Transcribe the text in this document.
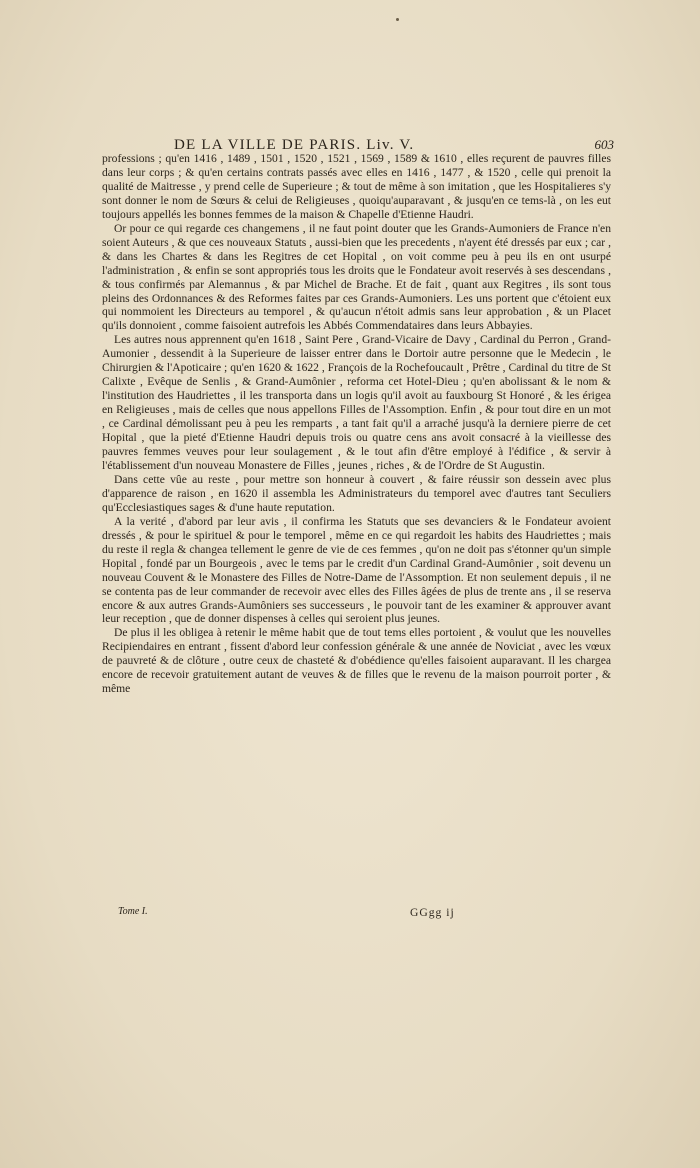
DE LA VILLE DE PARIS. Liv. V.	603

professions ; qu'en 1416 , 1489 , 1501 , 1520 , 1521 , 1569 , 1589 & 1610 , elles reçurent de pauvres filles dans leur corps ; & qu'en certains contrats passés avec elles en 1416 , 1477 , & 1520 , celle qui prenoit la qualité de Maitresse , y prend celle de Superieure ; & tout de même à son imitation , que les Hospitalieres s'y sont donner le nom de Sœurs & celui de Religieuses , quoiqu'auparavant , & jusqu'en ce tems-là , on les eut toujours appellés les bonnes femmes de la maison & Chapelle d'Etienne Haudri.

Or pour ce qui regarde ces changemens , il ne faut point douter que les Grands-Aumoniers de France n'en soient Auteurs , & que ces nouveaux Statuts , aussi-bien que les precedents , n'ayent été dressés par eux ; car , & dans les Chartes & dans les Regitres de cet Hopital , on voit comme peu à peu ils en ont usurpé l'administration , & enfin se sont appropriés tous les droits que le Fondateur avoit reservés à ses descendans , & tous confirmés par Alemannus , & par Michel de Brache. Et de fait , quant aux Regitres , ils sont tous pleins des Ordonnances & des Reformes faites par ces Grands-Aumoniers. Les uns portent que c'étoient eux qui nommoient les Directeurs au temporel , & qu'aucun n'étoit admis sans leur approbation , & un Placet qu'ils donnoient , comme faisoient autrefois les Abbés Commendataires dans leurs Abbayies.

Les autres nous apprennent qu'en 1618 , Saint Pere , Grand-Vicaire de Davy , Cardinal du Perron , Grand-Aumonier , dessendit à la Superieure de laisser entrer dans le Dortoir autre personne que le Medecin , le Chirurgien & l'Apoticaire ; qu'en 1620 & 1622 , François de la Rochefoucault , Prêtre , Cardinal du titre de St Calixte , Evêque de Senlis , & Grand-Aumônier , reforma cet Hotel-Dieu ; qu'en abolissant & le nom & l'institution des Haudriettes , il les transporta dans un logis qu'il avoit au fauxbourg St Honoré , & les érigea en Religieuses , mais de celles que nous appellons Filles de l'Assomption. Enfin , & pour tout dire en un mot , ce Cardinal démolissant peu à peu les remparts , a tant fait qu'il a arraché jusqu'à la derniere pierre de cet Hopital , que la pieté d'Etienne Haudri depuis trois ou quatre cens ans avoit consacré à la vieillesse des pauvres femmes veuves pour leur soulagement , & le tout afin d'être employé à l'édifice , & servir à l'établissement d'un nouveau Monastere de Filles , jeunes , riches , & de l'Ordre de St Augustin.

Dans cette vûe au reste , pour mettre son honneur à couvert , & faire réussir son dessein avec plus d'apparence de raison , en 1620 il assembla les Administrateurs du temporel avec d'autres tant Seculiers qu'Ecclesiastiques sages & d'une haute reputation.

A la verité , d'abord par leur avis , il confirma les Statuts que ses devanciers & le Fondateur avoient dressés , & pour le spirituel & pour le temporel , même en ce qui regardoit les habits des Haudriettes ; mais du reste il regla & changea tellement le genre de vie de ces femmes , qu'on ne doit pas s'étonner qu'un simple Hopital , fondé par un Bourgeois , avec le tems par le credit d'un Cardinal Grand-Aumônier , soit devenu un nouveau Couvent & le Monastere des Filles de Notre-Dame de l'Assomption. Et non seulement depuis , il ne se contenta pas de leur commander de recevoir avec elles des Filles âgées de plus de trente ans , il se reserva encore & aux autres Grands-Aumôniers ses successeurs , le pouvoir tant de les examiner & approuver avant leur reception , que de donner dispenses à celles qui seroient plus jeunes.

De plus il les obligea à retenir le même habit que de tout tems elles portoient , & voulut que les nouvelles Recipiendaires en entrant , fissent d'abord leur confession générale & une année de Noviciat , avec les vœux de pauvreté & de clôture , outre ceux de chasteté & d'obédience qu'elles faisoient auparavant. Il les chargea encore de recevoir gratuitement autant de veuves & de filles que le revenu de la maison pourroit porter , & même

Tome I.	GGgg ij
